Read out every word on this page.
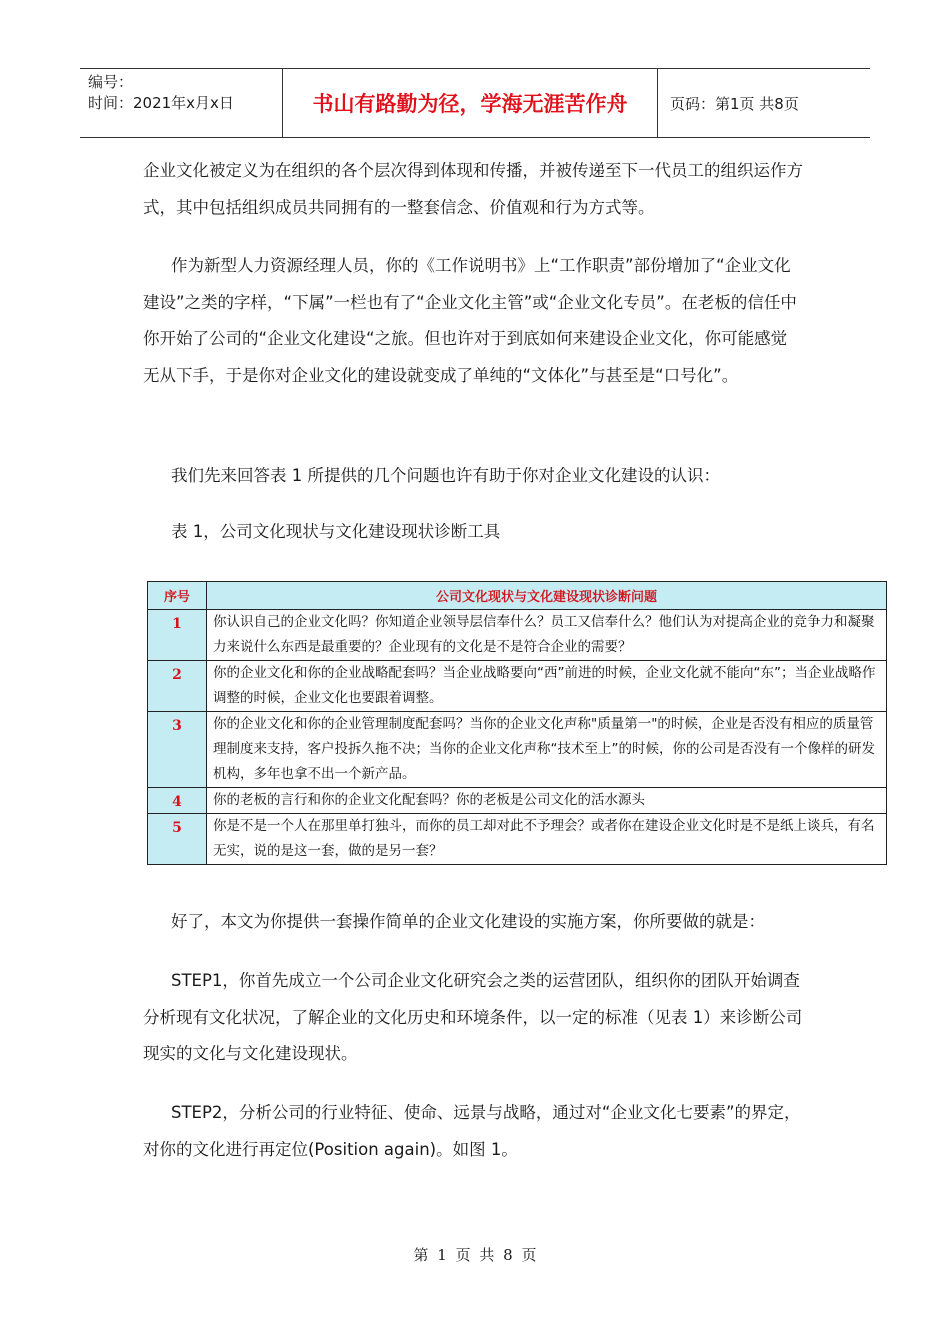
编号：
时间：2021年x月x日	书山有路勤为径，学海无涯苦作舟	页码：第1页 共8页

企业文化被定义为在组织的各个层次得到体现和传播，并被传递至下一代员工的组织运作方式，其中包括组织成员共同拥有的一整套信念、价值观和行为方式等。

作为新型人力资源经理人员，你的《工作说明书》上“工作职责”部份增加了“企业文化建设”之类的字样，“下属”一栏也有了“企业文化主管”或“企业文化专员”。在老板的信任中你开始了公司的“企业文化建设“之旅。但也许对于到底如何来建设企业文化，你可能感觉无从下手，于是你对企业文化的建设就变成了单纯的“文体化”与甚至是“口号化”。

我们先来回答表 1 所提供的几个问题也许有助于你对企业文化建设的认识：

表 1，公司文化现状与文化建设现状诊断工具

序号	公司文化现状与文化建设现状诊断问题
1	你认识自己的企业文化吗？你知道企业领导层信奉什么？员工又信奉什么？他们认为对提高企业的竞争力和凝聚力来说什么东西是最重要的？企业现有的文化是不是符合企业的需要？
2	你的企业文化和你的企业战略配套吗？当企业战略要向“西”前进的时候，企业文化就不能向“东”；当企业战略作调整的时候，企业文化也要跟着调整。
3	你的企业文化和你的企业管理制度配套吗？当你的企业文化声称"质量第一"的时候，企业是否没有相应的质量管理制度来支持，客户投拆久拖不决；当你的企业文化声称“技术至上”的时候，你的公司是否没有一个像样的研发机构，多年也拿不出一个新产品。
4	你的老板的言行和你的企业文化配套吗？你的老板是公司文化的活水源头
5	你是不是一个人在那里单打独斗，而你的员工却对此不予理会？或者你在建设企业文化时是不是纸上谈兵，有名无实，说的是这一套，做的是另一套？

好了，本文为你提供一套操作简单的企业文化建设的实施方案，你所要做的就是：

STEP1，你首先成立一个公司企业文化研究会之类的运营团队，组织你的团队开始调查分析现有文化状况，了解企业的文化历史和环境条件，以一定的标准（见表 1）来诊断公司现实的文化与文化建设现状。

STEP2，分析公司的行业特征、使命、远景与战略，通过对“企业文化七要素”的界定，对你的文化进行再定位(Position again)。如图 1。

第 1 页 共 8 页
